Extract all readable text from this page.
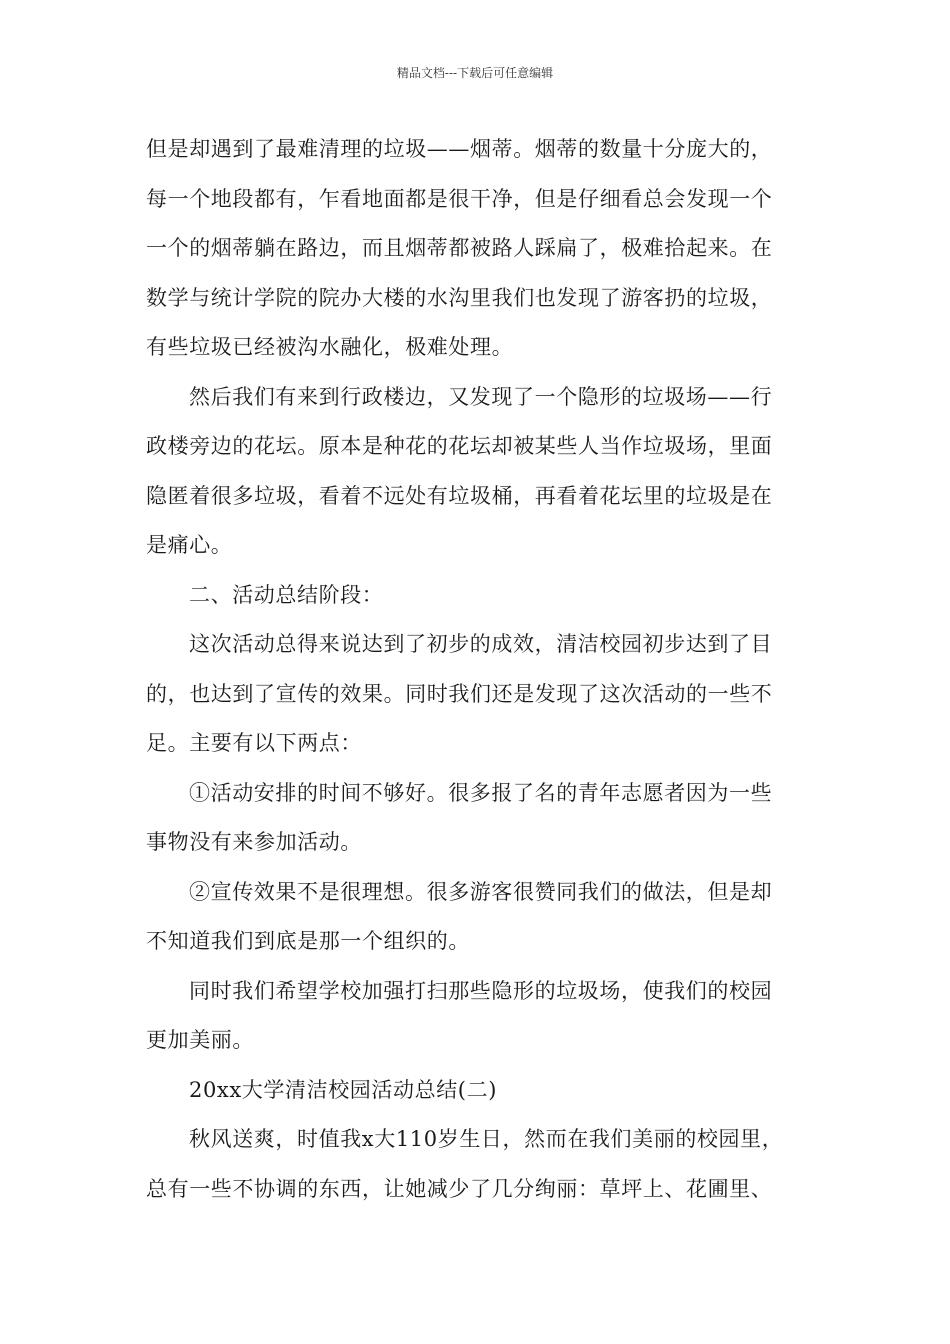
精品文档---下载后可任意编辑
但是却遇到了最难清理的垃圾——烟蒂。烟蒂的数量十分庞大的，
每一个地段都有，乍看地面都是很干净，但是仔细看总会发现一个
一个的烟蒂躺在路边，而且烟蒂都被路人踩扁了，极难拾起来。在
数学与统计学院的院办大楼的水沟里我们也发现了游客扔的垃圾，
有些垃圾已经被沟水融化，极难处理。
然后我们有来到行政楼边，又发现了一个隐形的垃圾场——行
政楼旁边的花坛。原本是种花的花坛却被某些人当作垃圾场，里面
隐匿着很多垃圾，看着不远处有垃圾桶，再看着花坛里的垃圾是在
是痛心。
二、活动总结阶段：
这次活动总得来说达到了初步的成效，清洁校园初步达到了目
的，也达到了宣传的效果。同时我们还是发现了这次活动的一些不
足。主要有以下两点：
①活动安排的时间不够好。很多报了名的青年志愿者因为一些
事物没有来参加活动。
②宣传效果不是很理想。很多游客很赞同我们的做法，但是却
不知道我们到底是那一个组织的。
同时我们希望学校加强打扫那些隐形的垃圾场，使我们的校园
更加美丽。
20xx大学清洁校园活动总结(二)
秋风送爽，时值我x大110岁生日，然而在我们美丽的校园里，
总有一些不协调的东西，让她减少了几分绚丽：草坪上、花圃里、
